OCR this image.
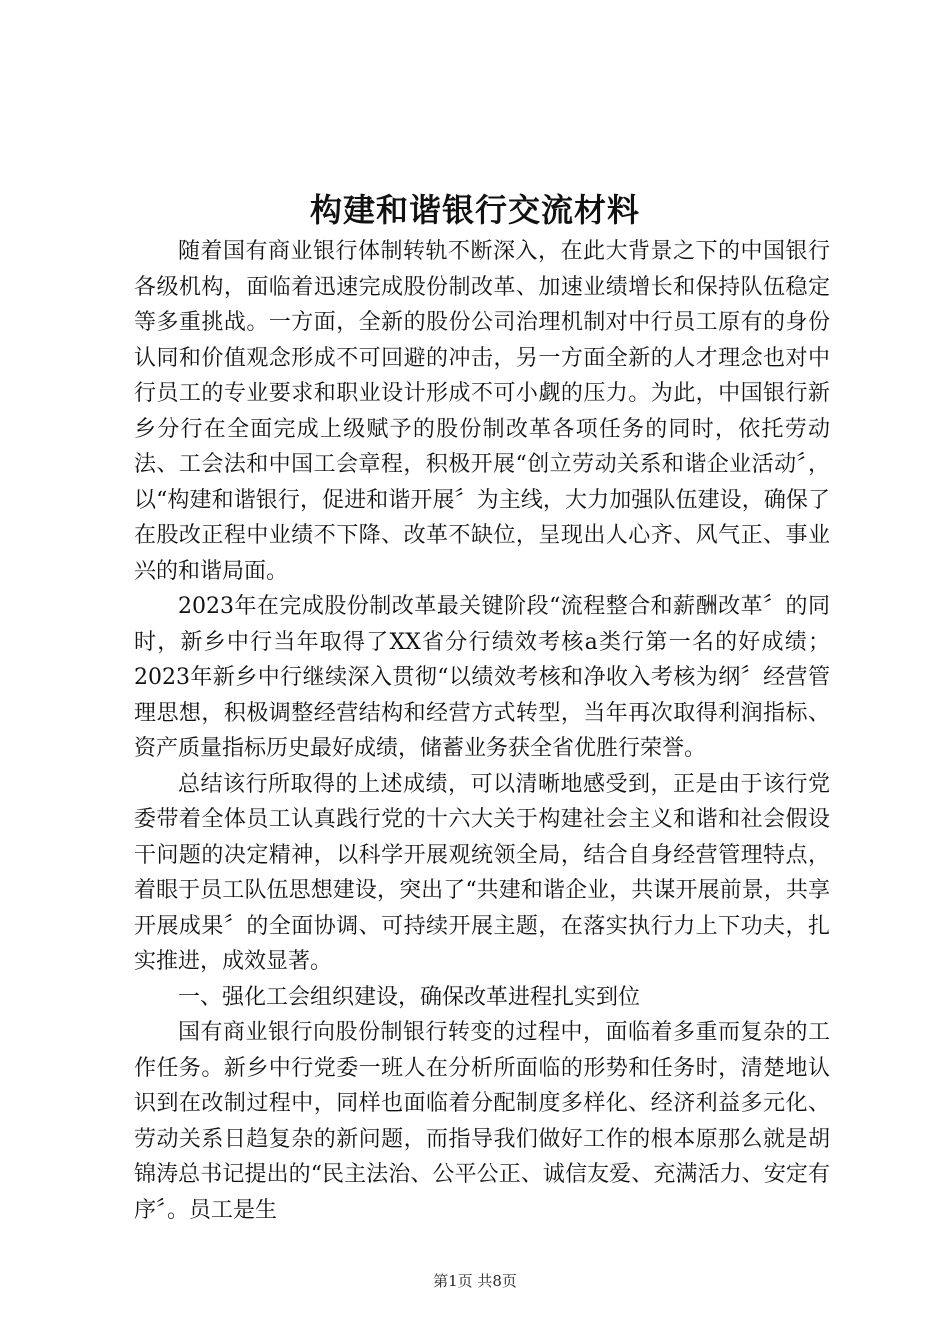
构建和谐银行交流材料

随着国有商业银行体制转轨不断深入，在此大背景之下的中国银行各级机构，面临着迅速完成股份制改革、加速业绩增长和保持队伍稳定等多重挑战。一方面，全新的股份公司治理机制对中行员工原有的身份认同和价值观念形成不可回避的冲击，另一方面全新的人才理念也对中行员工的专业要求和职业设计形成不可小觑的压力。为此，中国银行新乡分行在全面完成上级赋予的股份制改革各项任务的同时，依托劳动法、工会法和中国工会章程，积极开展“创立劳动关系和谐企业活动〞，以“构建和谐银行，促进和谐开展〞为主线，大力加强队伍建设，确保了在股改正程中业绩不下降、改革不缺位，呈现出人心齐、风气正、事业兴的和谐局面。

2023年在完成股份制改革最关键阶段“流程整合和薪酬改革〞的同时，新乡中行当年取得了XX省分行绩效考核a类行第一名的好成绩；2023年新乡中行继续深入贯彻“以绩效考核和净收入考核为纲〞经营管理思想，积极调整经营结构和经营方式转型，当年再次取得利润指标、资产质量指标历史最好成绩，储蓄业务获全省优胜行荣誉。

总结该行所取得的上述成绩，可以清晰地感受到，正是由于该行党委带着全体员工认真践行党的十六大关于构建社会主义和谐和社会假设干问题的决定精神，以科学开展观统领全局，结合自身经营管理特点，着眼于员工队伍思想建设，突出了“共建和谐企业，共谋开展前景，共享开展成果〞的全面协调、可持续开展主题，在落实执行力上下功夫，扎实推进，成效显著。

一、强化工会组织建设，确保改革进程扎实到位

国有商业银行向股份制银行转变的过程中，面临着多重而复杂的工作任务。新乡中行党委一班人在分析所面临的形势和任务时，清楚地认识到在改制过程中，同样也面临着分配制度多样化、经济利益多元化、劳动关系日趋复杂的新问题，而指导我们做好工作的根本原那么就是胡锦涛总书记提出的“民主法治、公平公正、诚信友爱、充满活力、安定有序〞。员工是生

第1页 共8页
